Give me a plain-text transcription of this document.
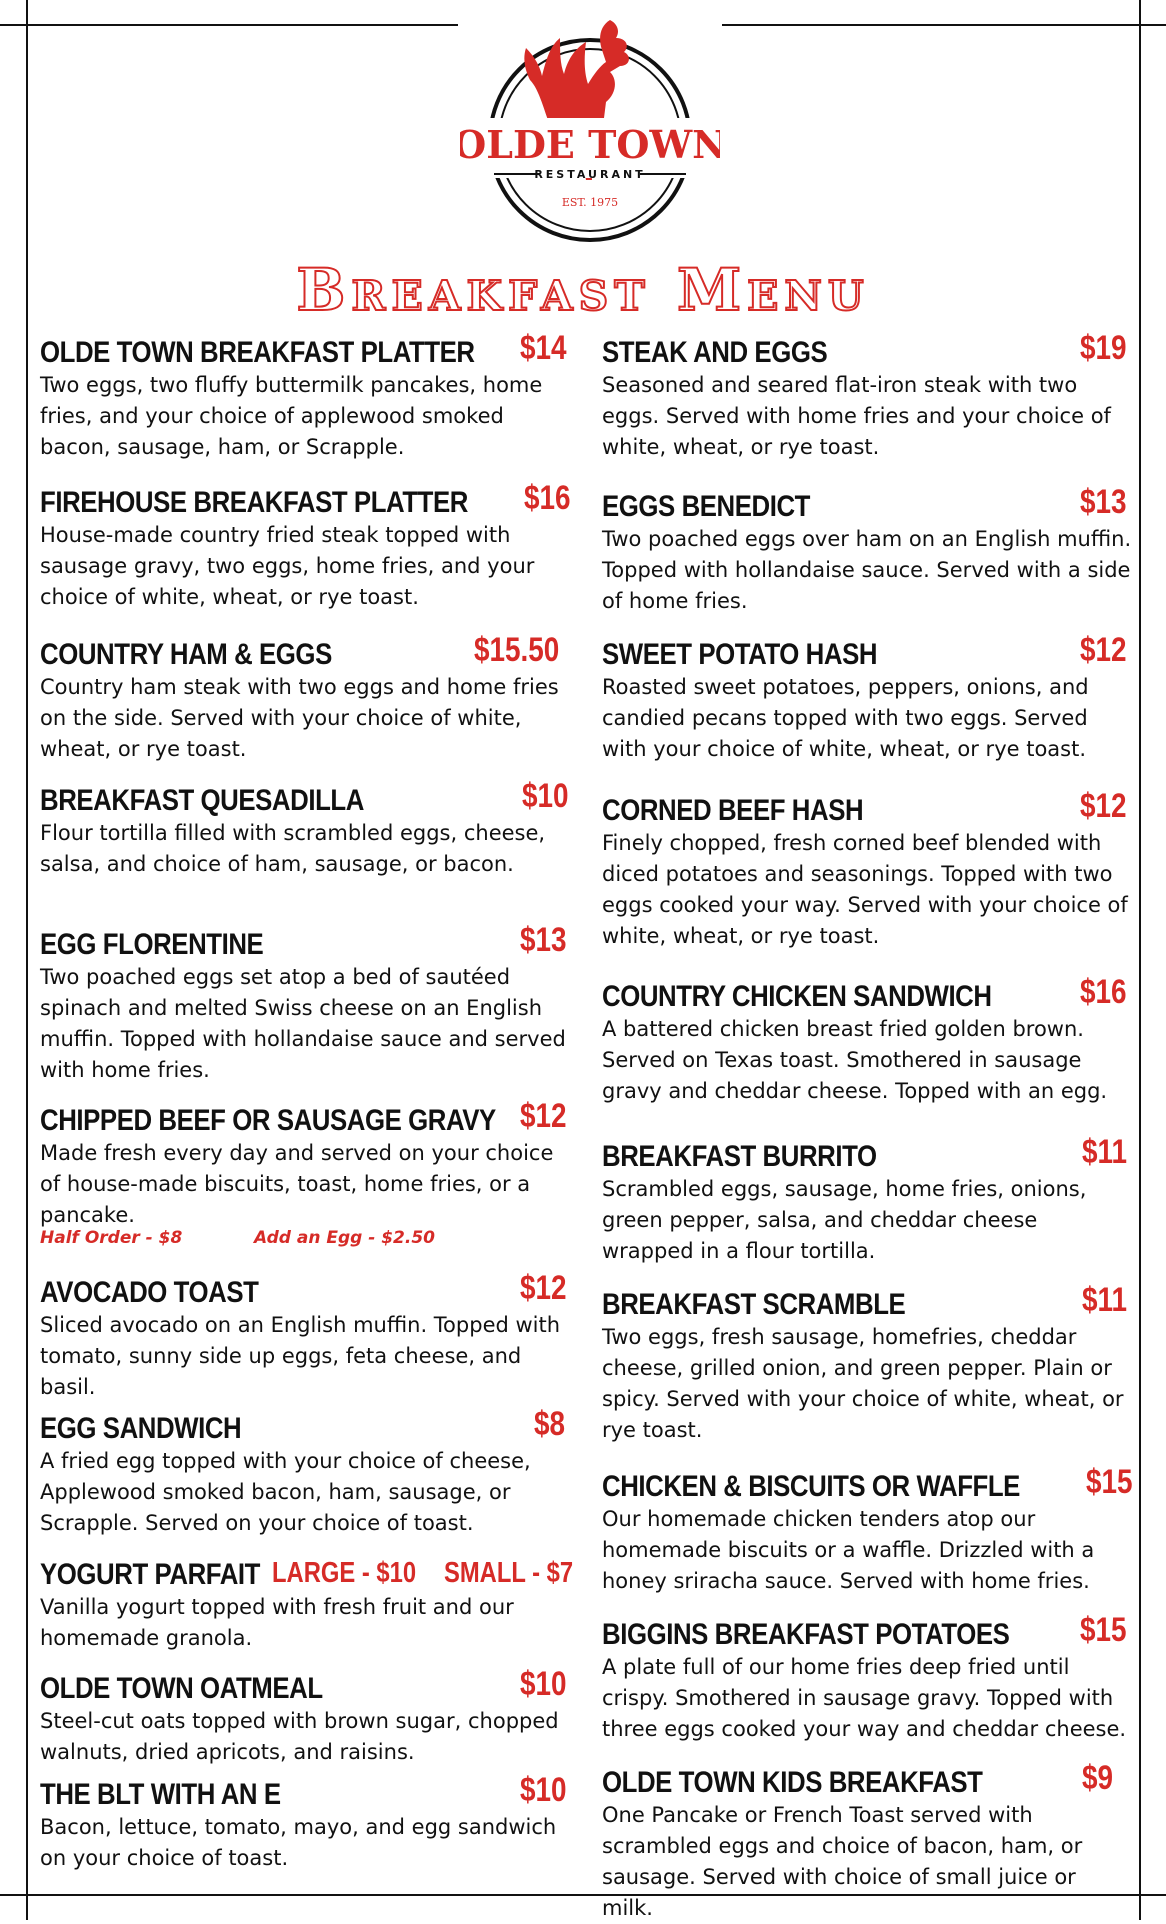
OLDE TOWN
RESTAURANT
EST. 1975
Breakfast Menu
OLDE TOWN BREAKFAST PLATTER $14
Two eggs, two fluffy buttermilk pancakes, home fries, and your choice of applewood smoked bacon, sausage, ham, or Scrapple.
FIREHOUSE BREAKFAST PLATTER $16
House-made country fried steak topped with sausage gravy, two eggs, home fries, and your choice of white, wheat, or rye toast.
COUNTRY HAM & EGGS	$15.50
Country ham steak with two eggs and home fries on the side. Served with your choice of white, wheat, or rye toast.
BREAKFAST QUESADILLA	$10
Flour tortilla filled with scrambled eggs, cheese, salsa, and choice of ham, sausage, or bacon.
EGG FLORENTINE	$13
Two poached eggs set atop a bed of sautéed spinach and melted Swiss cheese on an English muffin. Topped with hollandaise sauce and served with home fries.
CHIPPED BEEF OR SAUSAGE GRAVY $12
Made fresh every day and served on your choice of house-made biscuits, toast, home fries, or a pancake.
Half Order - $8	Add an Egg - $2.50
AVOCADO TOAST	$12
Sliced avocado on an English muffin. Topped with tomato, sunny side up eggs, feta cheese, and basil.
EGG SANDWICH	$8
A fried egg topped with your choice of cheese, Applewood smoked bacon, ham, sausage, or Scrapple. Served on your choice of toast.
YOGURT PARFAIT LARGE - $10 SMALL - $7
Vanilla yogurt topped with fresh fruit and our homemade granola.
OLDE TOWN OATMEAL	$10
Steel-cut oats topped with brown sugar, chopped walnuts, dried apricots, and raisins.
THE BLT WITH AN E	$10
Bacon, lettuce, tomato, mayo, and egg sandwich on your choice of toast.
STEAK AND EGGS	$19
Seasoned and seared flat-iron steak with two eggs. Served with home fries and your choice of white, wheat, or rye toast.
EGGS BENEDICT	$13
Two poached eggs over ham on an English muffin. Topped with hollandaise sauce. Served with a side of home fries.
SWEET POTATO HASH	$12
Roasted sweet potatoes, peppers, onions, and candied pecans topped with two eggs. Served with your choice of white, wheat, or rye toast.
CORNED BEEF HASH	$12
Finely chopped, fresh corned beef blended with diced potatoes and seasonings. Topped with two eggs cooked your way. Served with your choice of white, wheat, or rye toast.
COUNTRY CHICKEN SANDWICH	$16
A battered chicken breast fried golden brown. Served on Texas toast. Smothered in sausage gravy and cheddar cheese. Topped with an egg.
BREAKFAST BURRITO	$11
Scrambled eggs, sausage, home fries, onions, green pepper, salsa, and cheddar cheese wrapped in a flour tortilla.
BREAKFAST SCRAMBLE	$11
Two eggs, fresh sausage, homefries, cheddar cheese, grilled onion, and green pepper. Plain or spicy. Served with your choice of white, wheat, or rye toast.
CHICKEN & BISCUITS OR WAFFLE $15
Our homemade chicken tenders atop our homemade biscuits or a waffle. Drizzled with a honey sriracha sauce. Served with home fries.
BIGGINS BREAKFAST POTATOES $15
A plate full of our home fries deep fried until crispy. Smothered in sausage gravy. Topped with three eggs cooked your way and cheddar cheese.
OLDE TOWN KIDS BREAKFAST	$9
One Pancake or French Toast served with scrambled eggs and choice of bacon, ham, or sausage. Served with choice of small juice or milk.
